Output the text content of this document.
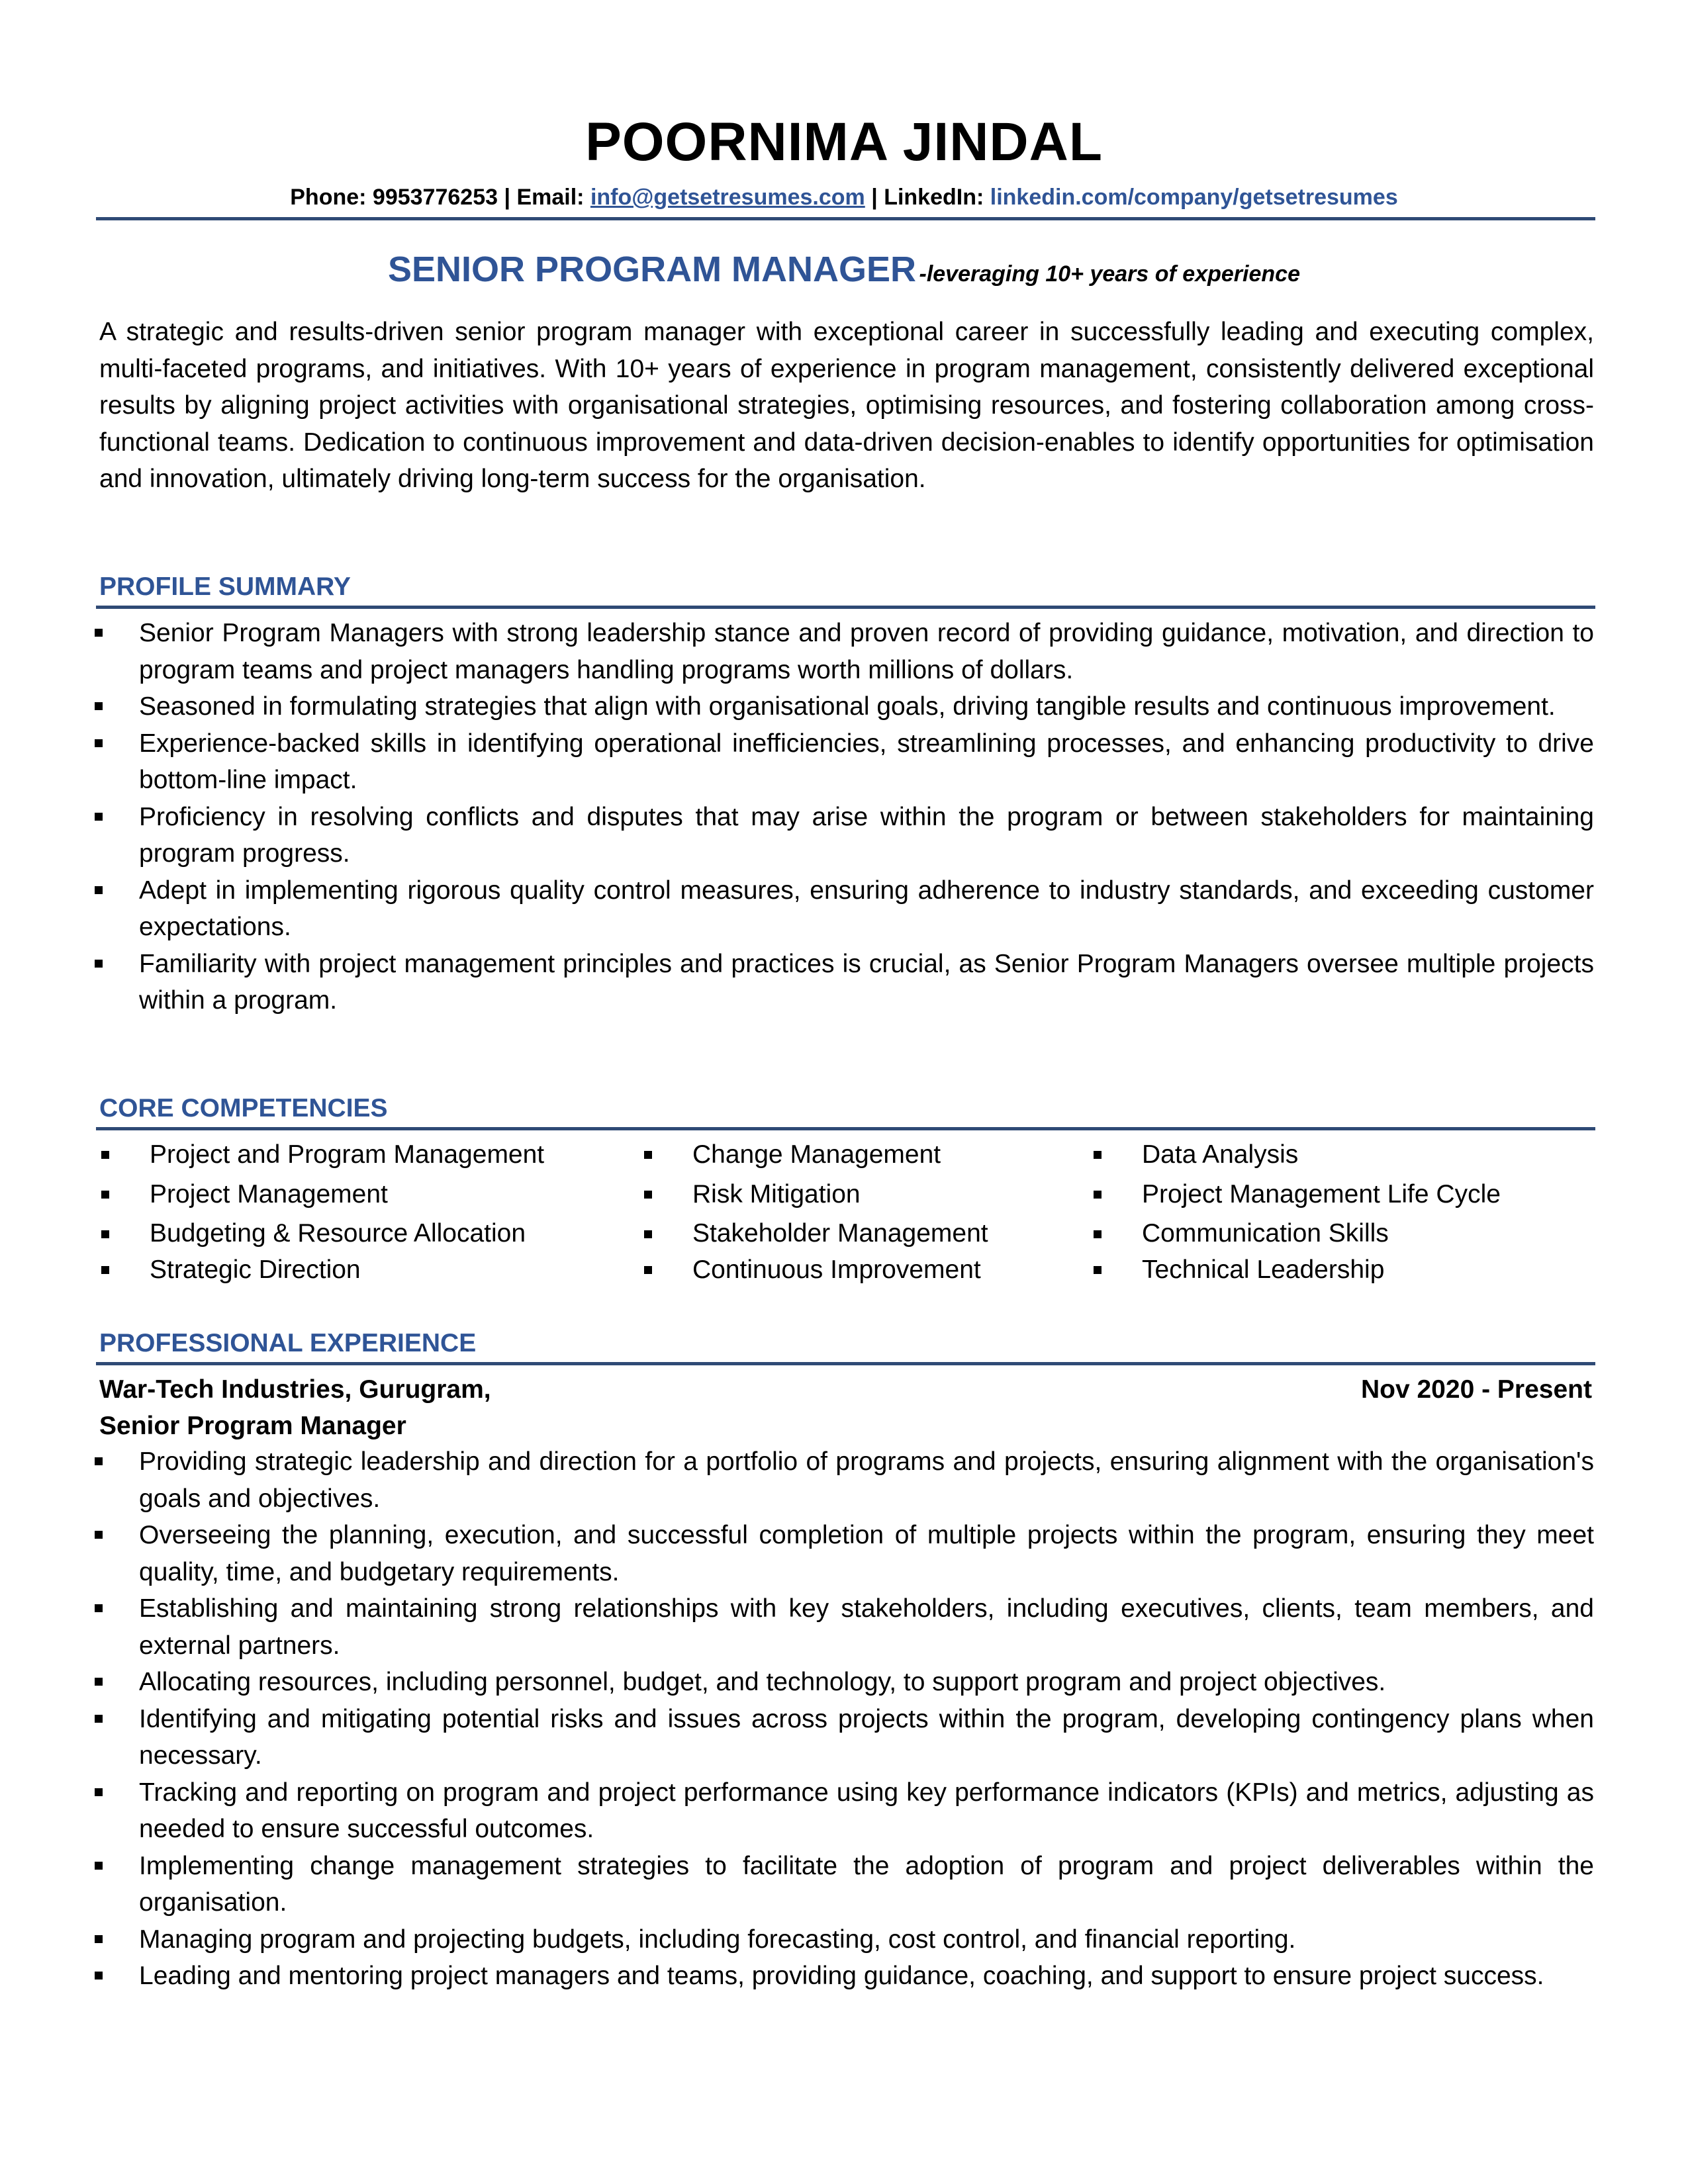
POORNIMA JINDAL
Phone: 9953776253 | Email: info@getsetresumes.com | LinkedIn: linkedin.com/company/getsetresumes
SENIOR PROGRAM MANAGER -leveraging 10+ years of experience
A strategic and results-driven senior program manager with exceptional career in successfully leading and executing complex, multi-faceted programs, and initiatives. With 10+ years of experience in program management, consistently delivered exceptional results by aligning project activities with organisational strategies, optimising resources, and fostering collaboration among cross-functional teams. Dedication to continuous improvement and data-driven decision-enables to identify opportunities for optimisation and innovation, ultimately driving long-term success for the organisation.
PROFILE SUMMARY
Senior Program Managers with strong leadership stance and proven record of providing guidance, motivation, and direction to program teams and project managers handling programs worth millions of dollars.
Seasoned in formulating strategies that align with organisational goals, driving tangible results and continuous improvement.
Experience-backed skills in identifying operational inefficiencies, streamlining processes, and enhancing productivity to drive bottom-line impact.
Proficiency in resolving conflicts and disputes that may arise within the program or between stakeholders for maintaining program progress.
Adept in implementing rigorous quality control measures, ensuring adherence to industry standards, and exceeding customer expectations.
Familiarity with project management principles and practices is crucial, as Senior Program Managers oversee multiple projects within a program.
CORE COMPETENCIES
Project and Program Management
Project Management
Budgeting & Resource Allocation
Strategic Direction
Change Management
Risk Mitigation
Stakeholder Management
Continuous Improvement
Data Analysis
Project Management Life Cycle
Communication Skills
Technical Leadership
PROFESSIONAL EXPERIENCE
War-Tech Industries, Gurugram,	Nov 2020 - Present
Senior Program Manager
Providing strategic leadership and direction for a portfolio of programs and projects, ensuring alignment with the organisation's goals and objectives.
Overseeing the planning, execution, and successful completion of multiple projects within the program, ensuring they meet quality, time, and budgetary requirements.
Establishing and maintaining strong relationships with key stakeholders, including executives, clients, team members, and external partners.
Allocating resources, including personnel, budget, and technology, to support program and project objectives.
Identifying and mitigating potential risks and issues across projects within the program, developing contingency plans when necessary.
Tracking and reporting on program and project performance using key performance indicators (KPIs) and metrics, adjusting as needed to ensure successful outcomes.
Implementing change management strategies to facilitate the adoption of program and project deliverables within the organisation.
Managing program and projecting budgets, including forecasting, cost control, and financial reporting.
Leading and mentoring project managers and teams, providing guidance, coaching, and support to ensure project success.
